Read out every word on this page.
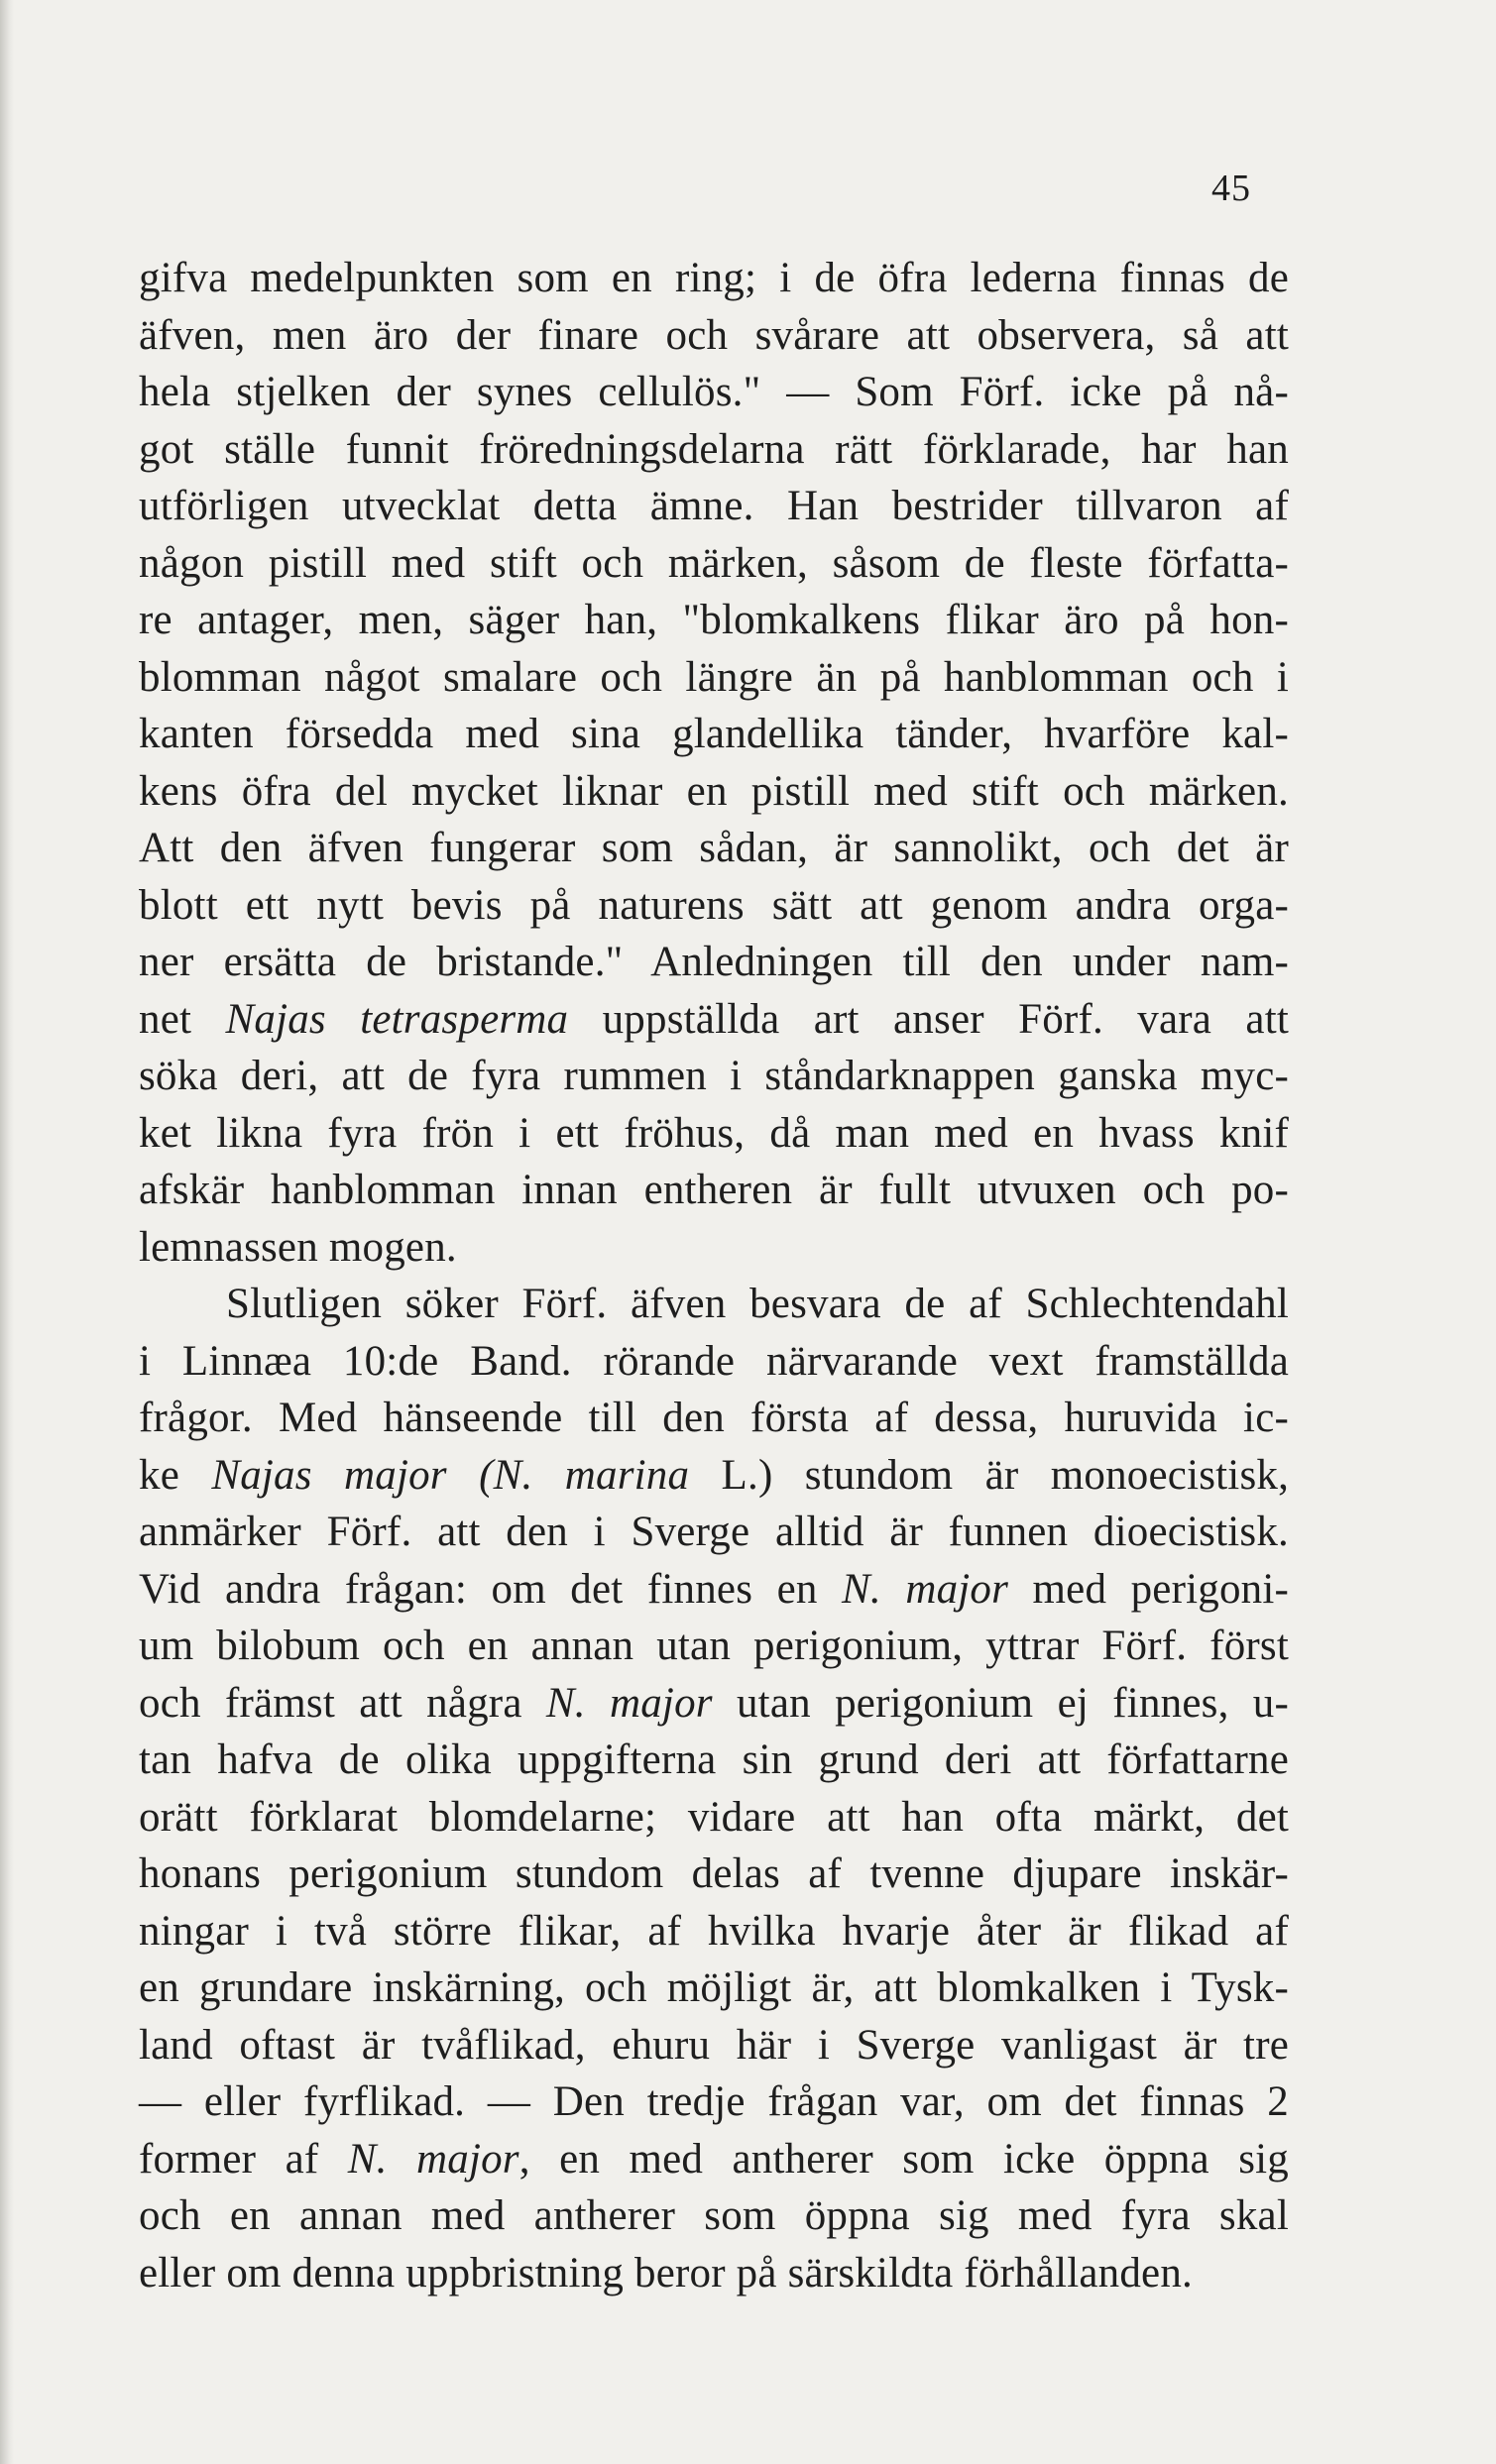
45
gifva medelpunkten som en ring; i de öfra lederna finnas de
äfven, men äro der finare och svårare att observera, så att
hela stjelken der synes cellulös." — Som Förf. icke på nå-
got ställe funnit fröredningsdelarna rätt förklarade, har han
utförligen utvecklat detta ämne. Han bestrider tillvaron af
någon pistill med stift och märken, såsom de fleste författa-
re antager, men, säger han, "blomkalkens flikar äro på hon-
blomman något smalare och längre än på hanblomman och i
kanten försedda med sina glandellika tänder, hvarföre kal-
kens öfra del mycket liknar en pistill med stift och märken.
Att den äfven fungerar som sådan, är sannolikt, och det är
blott ett nytt bevis på naturens sätt att genom andra orga-
ner ersätta de bristande." Anledningen till den under nam-
net Najas tetrasperma uppställda art anser Förf. vara att
söka deri, att de fyra rummen i ståndarknappen ganska myc-
ket likna fyra frön i ett fröhus, då man med en hvass knif
afskär hanblomman innan entheren är fullt utvuxen och po-
lemnassen mogen.
Slutligen söker Förf. äfven besvara de af Schlechtendahl
i Linnæa 10:de Band. rörande närvarande vext framställda
frågor. Med hänseende till den första af dessa, huruvida ic-
ke Najas major (N. marina L.) stundom är monoecistisk,
anmärker Förf. att den i Sverge alltid är funnen dioecistisk.
Vid andra frågan: om det finnes en N. major med perigoni-
um bilobum och en annan utan perigonium, yttrar Förf. först
och främst att några N. major utan perigonium ej finnes, u-
tan hafva de olika uppgifterna sin grund deri att författarne
orätt förklarat blomdelarne; vidare att han ofta märkt, det
honans perigonium stundom delas af tvenne djupare inskär-
ningar i två större flikar, af hvilka hvarje åter är flikad af
en grundare inskärning, och möjligt är, att blomkalken i Tysk-
land oftast är tvåflikad, ehuru här i Sverge vanligast är tre
— eller fyrflikad. — Den tredje frågan var, om det finnas 2
former af N. major, en med antherer som icke öppna sig
och en annan med antherer som öppna sig med fyra skal
eller om denna uppbristning beror på särskildta förhållanden.
